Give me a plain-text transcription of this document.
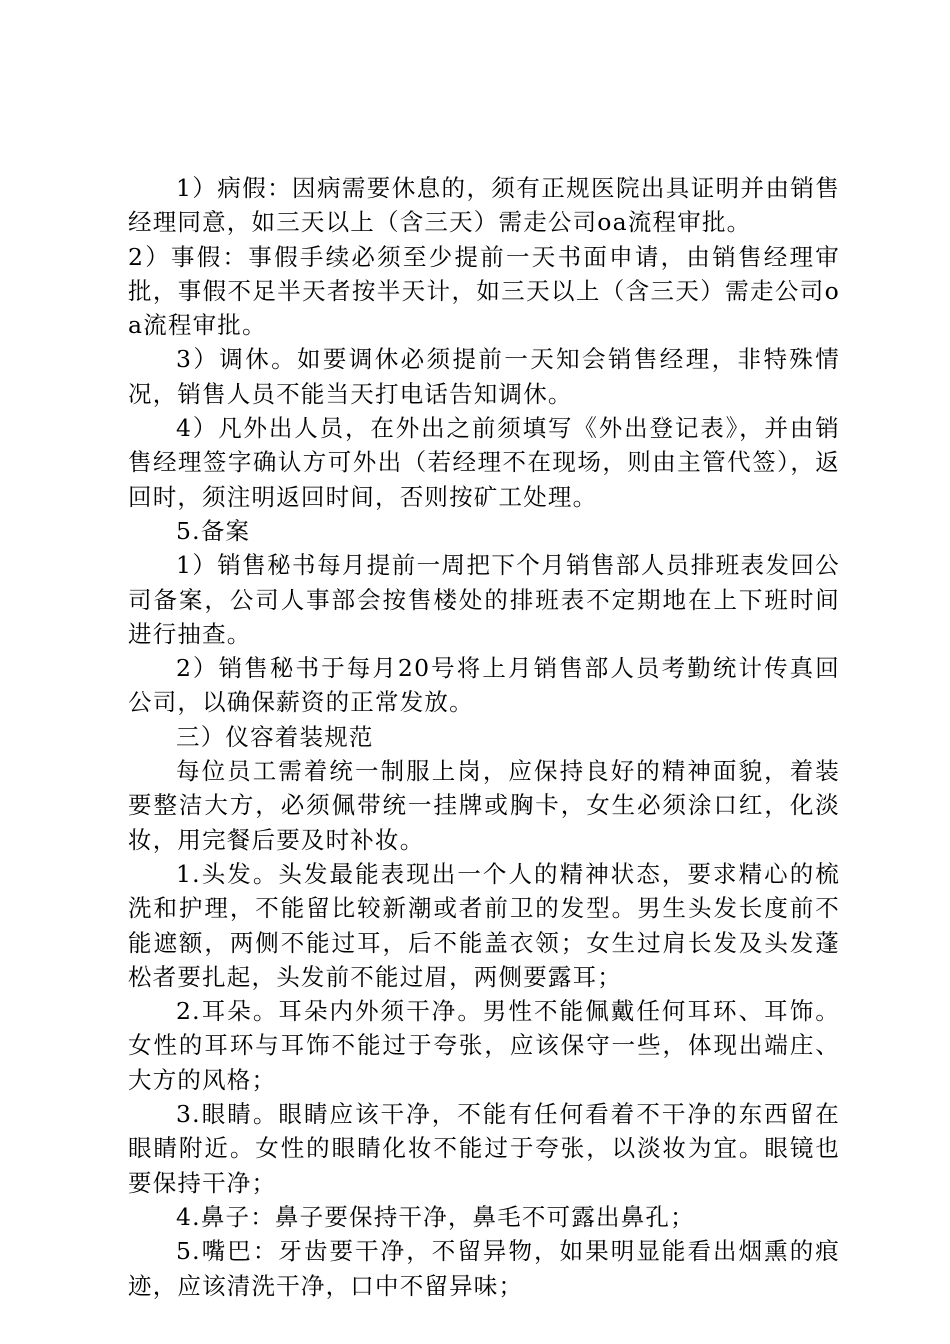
1）病假：因病需要休息的，须有正规医院出具证明并由销售经理同意，如三天以上（含三天）需走公司oa流程审批。

2）事假：事假手续必须至少提前一天书面申请，由销售经理审批，事假不足半天者按半天计，如三天以上（含三天）需走公司oa流程审批。

3）调休。如要调休必须提前一天知会销售经理，非特殊情况，销售人员不能当天打电话告知调休。

4）凡外出人员，在外出之前须填写《外出登记表》，并由销售经理签字确认方可外出（若经理不在现场，则由主管代签），返回时，须注明返回时间，否则按矿工处理。

5.备案

1）销售秘书每月提前一周把下个月销售部人员排班表发回公司备案，公司人事部会按售楼处的排班表不定期地在上下班时间进行抽查。

2）销售秘书于每月20号将上月销售部人员考勤统计传真回公司，以确保薪资的正常发放。

三）仪容着装规范

每位员工需着统一制服上岗，应保持良好的精神面貌，着装要整洁大方，必须佩带统一挂牌或胸卡，女生必须涂口红，化淡妆，用完餐后要及时补妆。

1.头发。头发最能表现出一个人的精神状态，要求精心的梳洗和护理，不能留比较新潮或者前卫的发型。男生头发长度前不能遮额，两侧不能过耳，后不能盖衣领；女生过肩长发及头发蓬松者要扎起，头发前不能过眉，两侧要露耳；

2.耳朵。耳朵内外须干净。男性不能佩戴任何耳环、耳饰。女性的耳环与耳饰不能过于夸张，应该保守一些，体现出端庄、大方的风格；

3.眼睛。眼睛应该干净，不能有任何看着不干净的东西留在眼睛附近。女性的眼睛化妆不能过于夸张，以淡妆为宜。眼镜也要保持干净；

4.鼻子：鼻子要保持干净，鼻毛不可露出鼻孔；

5.嘴巴：牙齿要干净，不留异物，如果明显能看出烟熏的痕迹，应该清洗干净，口中不留异味；
